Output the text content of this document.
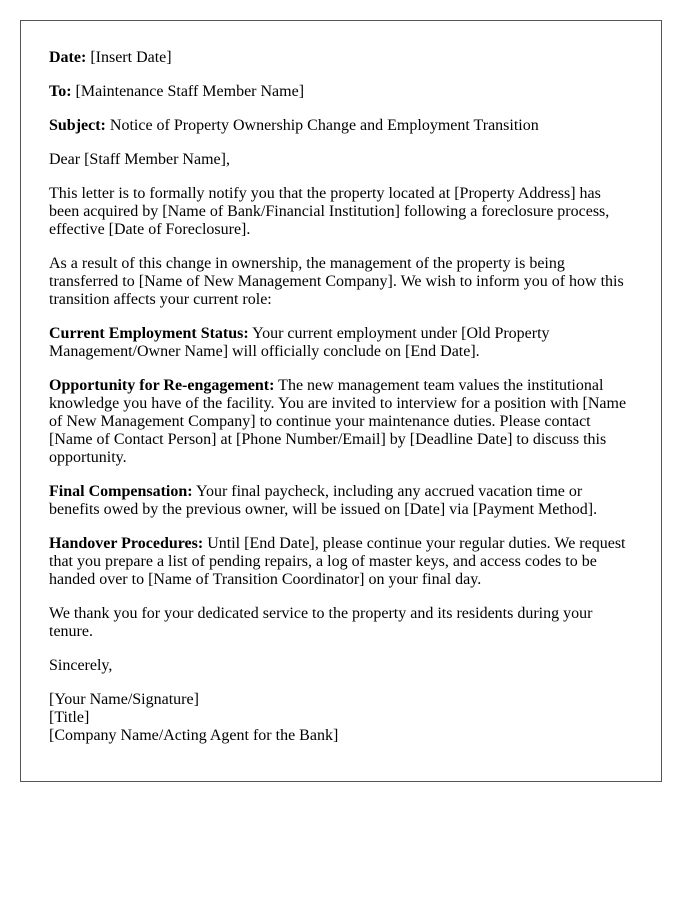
Date: [Insert Date]

To: [Maintenance Staff Member Name]

Subject: Notice of Property Ownership Change and Employment Transition

Dear [Staff Member Name],

This letter is to formally notify you that the property located at [Property Address] has been acquired by [Name of Bank/Financial Institution] following a foreclosure process, effective [Date of Foreclosure].

As a result of this change in ownership, the management of the property is being transferred to [Name of New Management Company]. We wish to inform you of how this transition affects your current role:

Current Employment Status: Your current employment under [Old Property Management/Owner Name] will officially conclude on [End Date].

Opportunity for Re-engagement: The new management team values the institutional knowledge you have of the facility. You are invited to interview for a position with [Name of New Management Company] to continue your maintenance duties. Please contact [Name of Contact Person] at [Phone Number/Email] by [Deadline Date] to discuss this opportunity.

Final Compensation: Your final paycheck, including any accrued vacation time or benefits owed by the previous owner, will be issued on [Date] via [Payment Method].

Handover Procedures: Until [End Date], please continue your regular duties. We request that you prepare a list of pending repairs, a log of master keys, and access codes to be handed over to [Name of Transition Coordinator] on your final day.

We thank you for your dedicated service to the property and its residents during your tenure.

Sincerely,

[Your Name/Signature]
[Title]
[Company Name/Acting Agent for the Bank]
